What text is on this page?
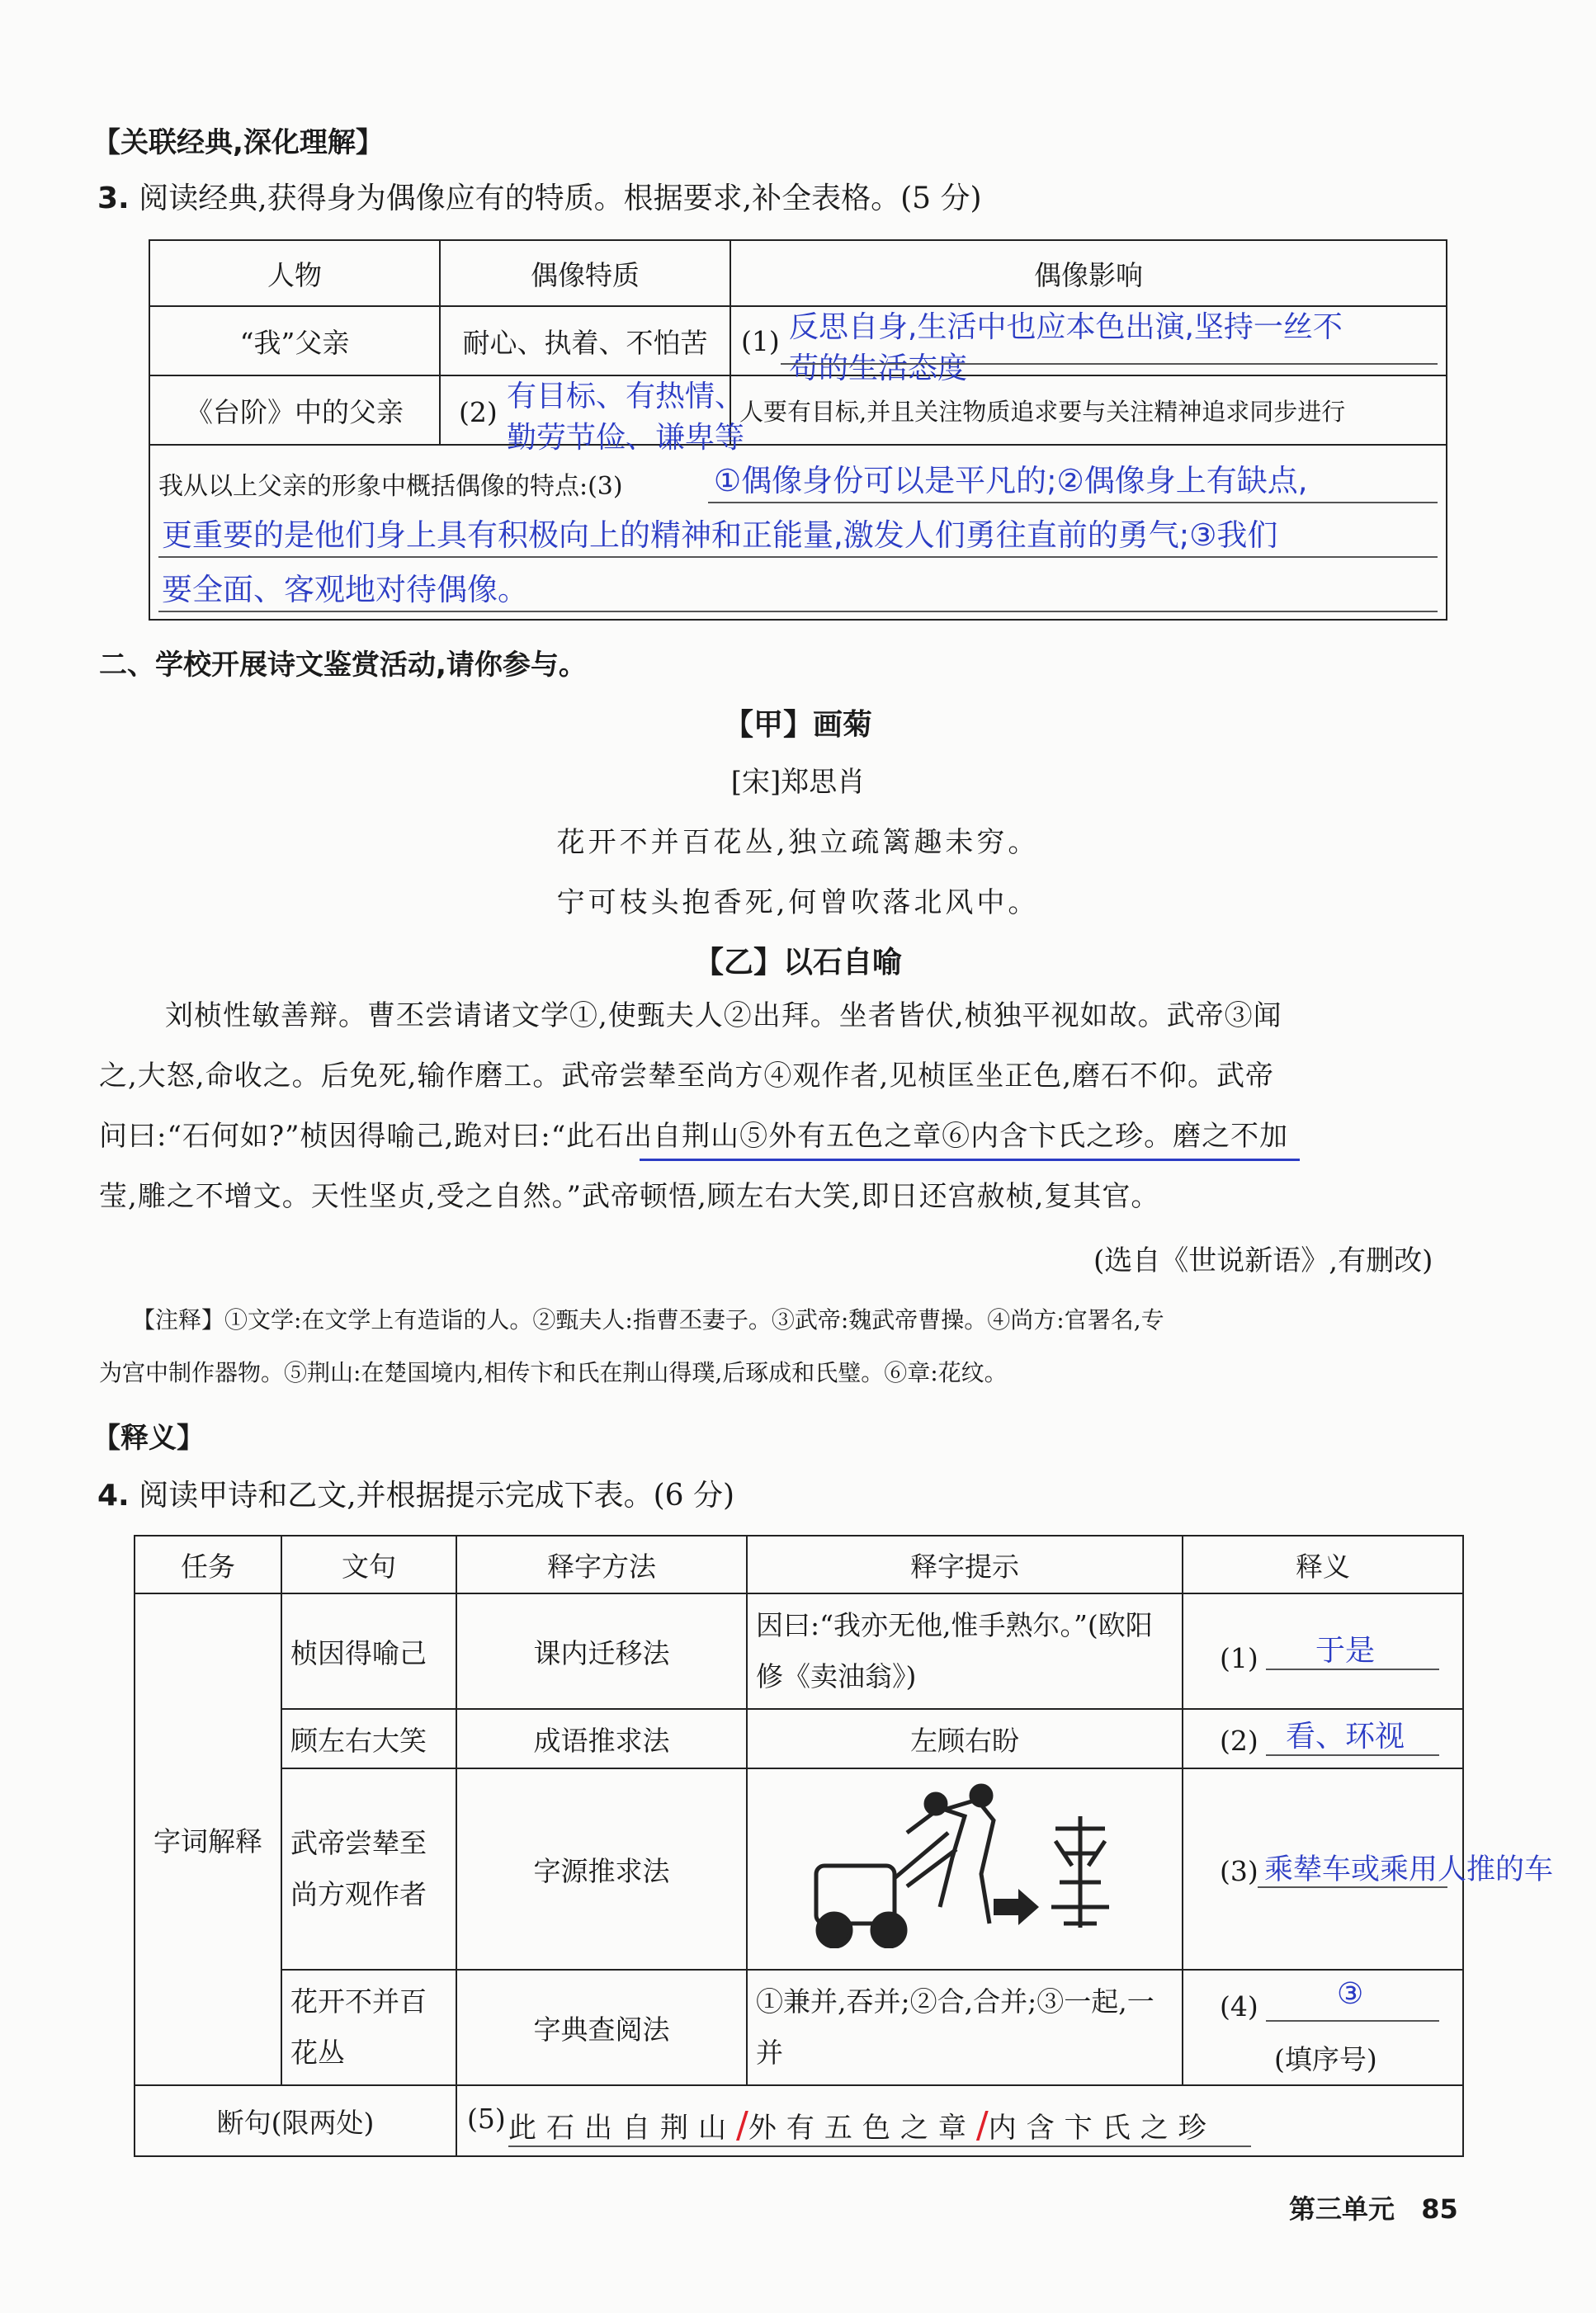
【关联经典,深化理解】
3. 阅读经典,获得身为偶像应有的特质。根据要求,补全表格。(5 分)
人物	偶像特质	偶像影响
“我”父亲	耐心、执着、不怕苦	(1) 反思自身,生活中也应本色出演,坚持一丝不苟的生活态度

《台阶》中的父亲	(2) 有目标、有热情、勤劳节俭、谦卑等	人要有目标,并且关注物质追求要与关注精神追求同步进行

我从以上父亲的形象中概括偶像的特点:(3) ①偶像身份可以是平凡的;②偶像身上有缺点,
更重要的是他们身上具有积极向上的精神和正能量,激发人们勇往直前的勇气;③我们
要全面、客观地对待偶像。		
二、学校开展诗文鉴赏活动,请你参与。
【甲】画菊
[宋]郑思肖
花开不并百花丛,独立疏篱趣未穷。
宁可枝头抱香死,何曾吹落北风中。
【乙】以石自喻
刘桢性敏善辩。曹丕尝请诸文学①,使甄夫人②出拜。坐者皆伏,桢独平视如故。武帝③闻
之,大怒,命收之。后免死,输作磨工。武帝尝辇至尚方④观作者,见桢匡坐正色,磨石不仰。武帝
问曰:“石何如?”桢因得喻己,跪对曰:“此石出自荆山⑤外有五色之章⑥内含卞氏之珍。磨之不加
莹,雕之不增文。天性坚贞,受之自然。”武帝顿悟,顾左右大笑,即日还宫赦桢,复其官。
(选自《世说新语》,有删改)
【注释】①文学:在文学上有造诣的人。②甄夫人:指曹丕妻子。③武帝:魏武帝曹操。④尚方:官署名,专
为宫中制作器物。⑤荆山:在楚国境内,相传卞和氏在荆山得璞,后琢成和氏璧。⑥章:花纹。
【释义】
4. 阅读甲诗和乙文,并根据提示完成下表。(6 分)
任务	文句	释字方法	释字提示	释义
字词解释	桢因得喻己	课内迁移法	因曰:“我亦无他,惟手熟尔。”(欧阳修《卖油翁》)	(1) 于是

	顾左右大笑	成语推求法	左顾右盼	(2) 看、环视

	武帝尝辇至尚方观作者	字源推求法		(3) 乘辇车或乘用人推的车

	花开不并百花丛	字典查阅法	①兼并,吞并;②合,合并;③一起,一并	(4) ③
(填序号)

断句(限两处)		(5) 此石出自荆山/外有五色之章/内含卞氏之珍		
第三单元 85
